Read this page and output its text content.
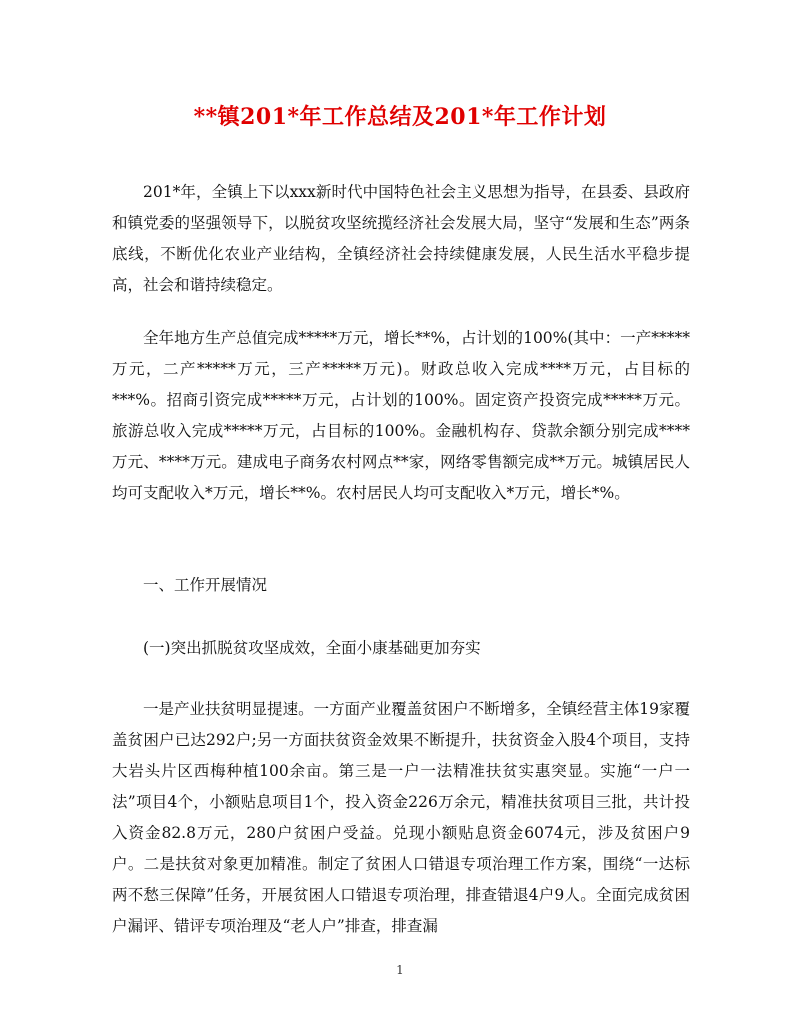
**镇201*年工作总结及201*年工作计划

201*年，全镇上下以xxx新时代中国特色社会主义思想为指导，在县委、县政府和镇党委的坚强领导下，以脱贫攻坚统揽经济社会发展大局，坚守“发展和生态”两条底线，不断优化农业产业结构，全镇经济社会持续健康发展，人民生活水平稳步提高，社会和谐持续稳定。

全年地方生产总值完成*****万元，增长**%，占计划的100%(其中：一产*****万元，二产*****万元，三产*****万元)。财政总收入完成****万元，占目标的***%。招商引资完成*****万元，占计划的100%。固定资产投资完成*****万元。旅游总收入完成*****万元，占目标的100%。金融机构存、贷款余额分别完成****万元、****万元。建成电子商务农村网点**家，网络零售额完成**万元。城镇居民人均可支配收入*万元，增长**%。农村居民人均可支配收入*万元，增长*%。

一、工作开展情况

(一)突出抓脱贫攻坚成效，全面小康基础更加夯实

一是产业扶贫明显提速。一方面产业覆盖贫困户不断增多，全镇经营主体19家覆盖贫困户已达292户;另一方面扶贫资金效果不断提升，扶贫资金入股4个项目，支持大岩头片区西梅种植100余亩。第三是一户一法精准扶贫实惠突显。实施“一户一法”项目4个，小额贴息项目1个，投入资金226万余元，精准扶贫项目三批，共计投入资金82.8万元，280户贫困户受益。兑现小额贴息资金6074元，涉及贫困户9户。二是扶贫对象更加精准。制定了贫困人口错退专项治理工作方案，围绕“一达标两不愁三保障”任务，开展贫困人口错退专项治理，排查错退4户9人。全面完成贫困户漏评、错评专项治理及“老人户”排查，排查漏

1
